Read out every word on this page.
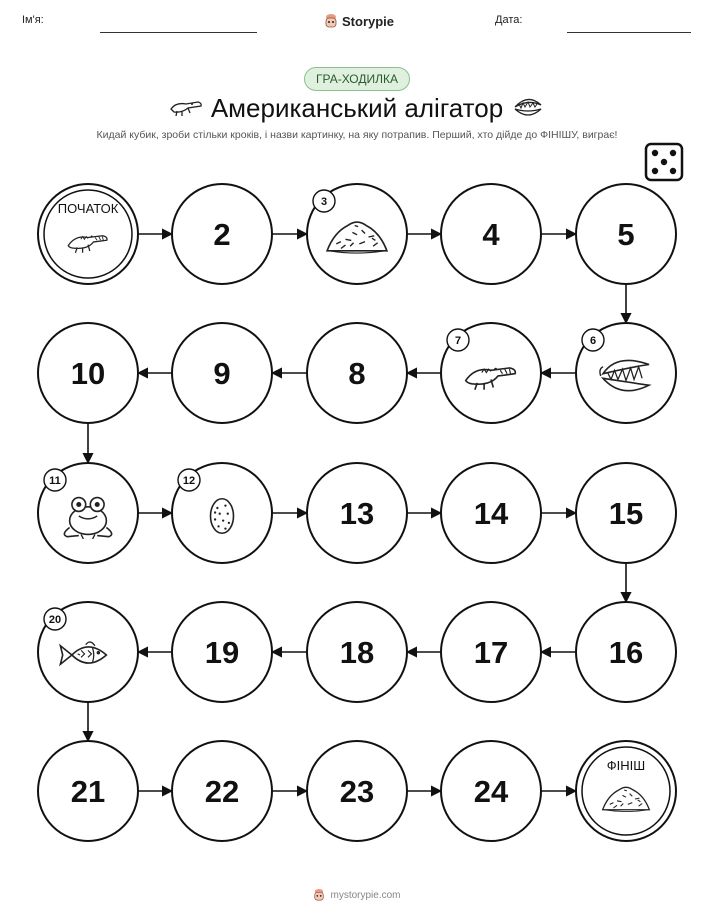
Ім'я:	Storypie	Дата:
ГРА-ХОДИЛКА
Американський алігатор
Кидай кубик, зроби стільки кроків, і назви картинку, на яку потрапив. Перший, хто дійде до ФІНІШУ, виграє!
ПОЧАТОК
2
3
4	5
6
7
8
9
10
11	12
13	14	15
16
17
18
19
20
21	22	23	24
ФІНІШ
mystorypie.com
